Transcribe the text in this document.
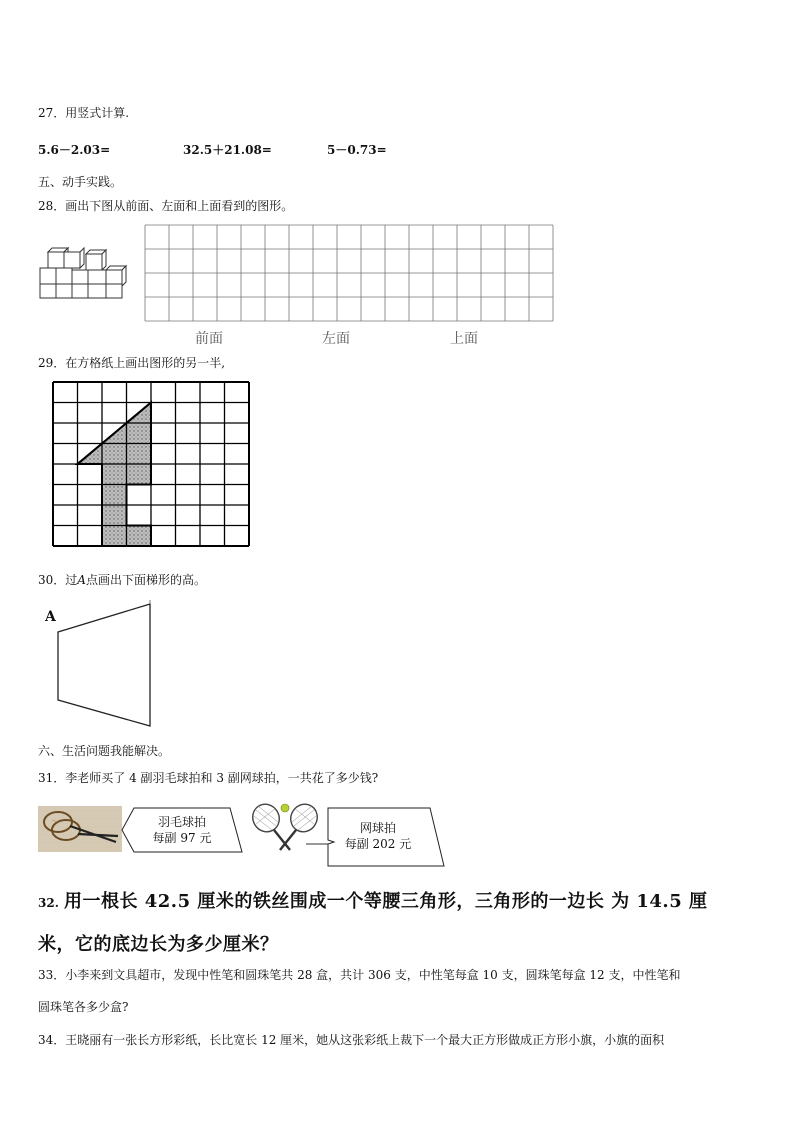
27．用竖式计算.
5.6－2.03=	32.5＋21.08=	5－0.73=
五、动手实践。
28．画出下图从前面、左面和上面看到的图形。
前面	左面	上面
29．在方格纸上画出图形的另一半,
30．过A点画出下面梯形的高。
A
六、生活问题我能解决。
31．李老师买了 4 副羽毛球拍和 3 副网球拍，一共花了多少钱?
羽毛球拍
每副 97 元
网球拍
每副 202 元
32. 用一根长 42.5 厘米的铁丝围成一个等腰三角形，三角形的一边长 为 14.5 厘
米，它的底边长为多少厘米？
33．小李来到文具超市，发现中性笔和圆珠笔共 28 盒，共计 306 支，中性笔每盒 10 支，圆珠笔每盒 12 支，中性笔和
圆珠笔各多少盒?
34．王晓丽有一张长方形彩纸，长比宽长 12 厘米，她从这张彩纸上裁下一个最大正方形做成正方形小旗，小旗的面积
